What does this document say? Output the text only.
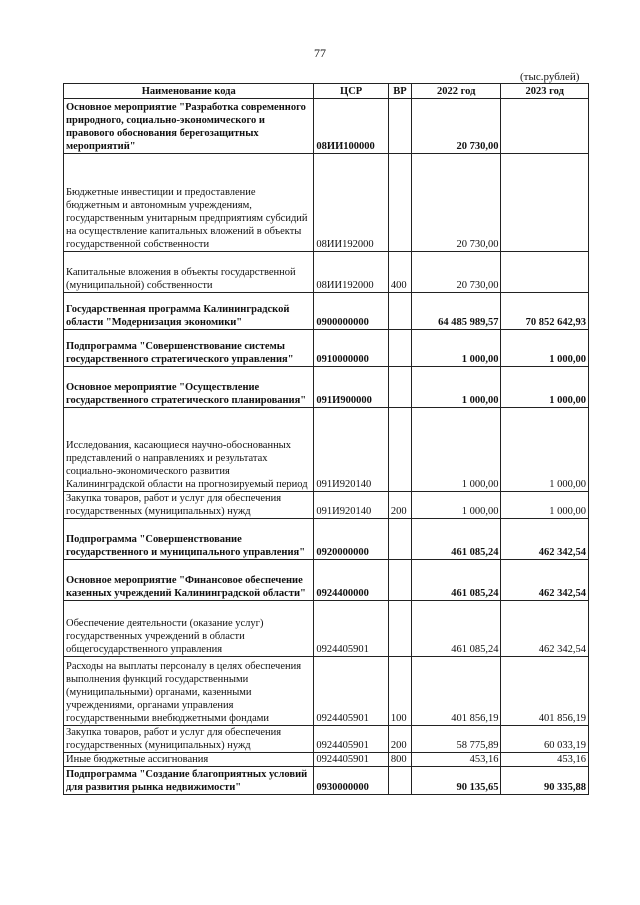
77
(тыс.рублей)
Наименование кода	ЦСР	ВР	2022 год	2023 год
Основное мероприятие "Разработка современного природного, социально-экономического и правового обоснования берегозащитных мероприятий"	08ИИ100000		20 730,00	
Бюджетные инвестиции и предоставление бюджетным и автономным учреждениям, государственным унитарным предприятиям субсидий на осуществление капитальных вложений в объекты государственной собственности	08ИИ192000		20 730,00	
Капитальные вложения в объекты государственной (муниципальной) собственности	08ИИ192000	400	20 730,00	
Государственная программа Калининградской области "Модернизация экономики"	0900000000		64 485 989,57	70 852 642,93
Подпрограмма "Совершенствование системы государственного стратегического управления"	0910000000		1 000,00	1 000,00
Основное мероприятие "Осуществление государственного стратегического планирования"	091И900000		1 000,00	1 000,00
Исследования, касающиеся научно-обоснованных представлений о направлениях и результатах социально-экономического развития Калининградской области на прогнозируемый период	091И920140		1 000,00	1 000,00
Закупка товаров, работ и услуг для обеспечения государственных (муниципальных) нужд	091И920140	200	1 000,00	1 000,00
Подпрограмма "Совершенствование государственного и муниципального управления"	0920000000		461 085,24	462 342,54
Основное мероприятие "Финансовое обеспечение казенных учреждений Калининградской области"	0924400000		461 085,24	462 342,54
Обеспечение деятельности (оказание услуг) государственных учреждений в области общегосударственного управления	0924405901		461 085,24	462 342,54
Расходы на выплаты персоналу в целях обеспечения выполнения функций государственными (муниципальными) органами, казенными учреждениями, органами управления государственными внебюджетными фондами	0924405901	100	401 856,19	401 856,19
Закупка товаров, работ и услуг для обеспечения государственных (муниципальных) нужд	0924405901	200	58 775,89	60 033,19
Иные бюджетные ассигнования	0924405901	800	453,16	453,16
Подпрограмма "Создание благоприятных условий для развития рынка недвижимости"	0930000000		90 135,65	90 335,88
